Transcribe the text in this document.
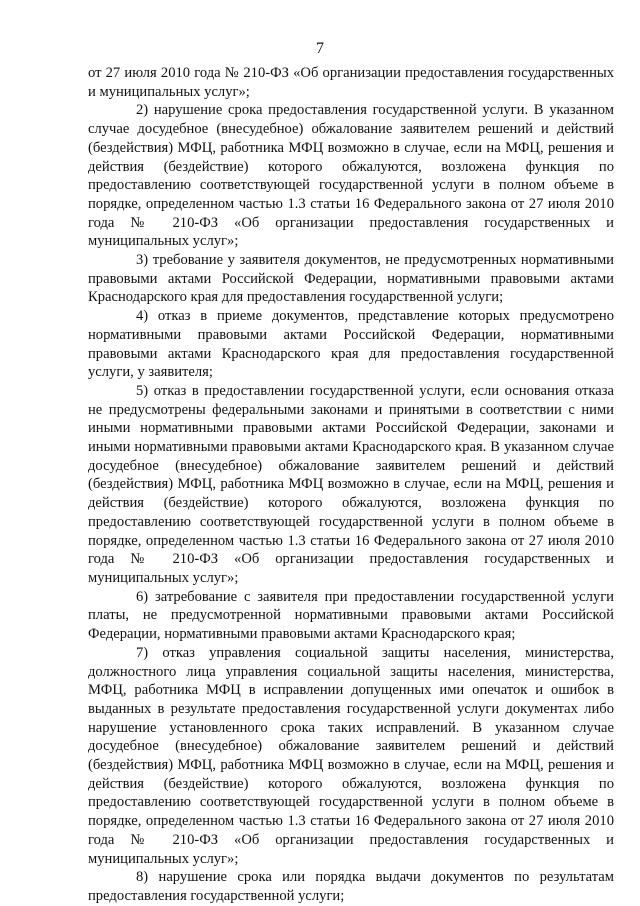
7

от 27 июля 2010 года № 210-ФЗ «Об организации предоставления государственных и муниципальных услуг»;

2) нарушение срока предоставления государственной услуги. В указанном случае досудебное (внесудебное) обжалование заявителем решений и действий (бездействия) МФЦ, работника МФЦ возможно в случае, если на МФЦ, решения и действия (бездействие) которого обжалуются, возложена функция по предоставлению соответствующей государственной услуги в полном объеме в порядке, определенном частью 1.3 статьи 16 Федерального закона от 27 июля 2010 года № 210-ФЗ «Об организации предоставления государственных и муниципальных услуг»;

3) требование у заявителя документов, не предусмотренных нормативными правовыми актами Российской Федерации, нормативными правовыми актами Краснодарского края для предоставления государственной услуги;

4) отказ в приеме документов, представление которых предусмотрено нормативными правовыми актами Российской Федерации, нормативными правовыми актами Краснодарского края для предоставления государственной услуги, у заявителя;

5) отказ в предоставлении государственной услуги, если основания отказа не предусмотрены федеральными законами и принятыми в соответствии с ними иными нормативными правовыми актами Российской Федерации, законами и иными нормативными правовыми актами Краснодарского края. В указанном случае досудебное (внесудебное) обжалование заявителем решений и действий (бездействия) МФЦ, работника МФЦ возможно в случае, если на МФЦ, решения и действия (бездействие) которого обжалуются, возложена функция по предоставлению соответствующей государственной услуги в полном объеме в порядке, определенном частью 1.3 статьи 16 Федерального закона от 27 июля 2010 года № 210-ФЗ «Об организации предоставления государственных и муниципальных услуг»;

6) затребование с заявителя при предоставлении государственной услуги платы, не предусмотренной нормативными правовыми актами Российской Федерации, нормативными правовыми актами Краснодарского края;

7) отказ управления социальной защиты населения, министерства, должностного лица управления социальной защиты населения, министерства, МФЦ, работника МФЦ в исправлении допущенных ими опечаток и ошибок в выданных в результате предоставления государственной услуги документах либо нарушение установленного срока таких исправлений. В указанном случае досудебное (внесудебное) обжалование заявителем решений и действий (бездействия) МФЦ, работника МФЦ возможно в случае, если на МФЦ, решения и действия (бездействие) которого обжалуются, возложена функция по предоставлению соответствующей государственной услуги в полном объеме в порядке, определенном частью 1.3 статьи 16 Федерального закона от 27 июля 2010 года № 210-ФЗ «Об организации предоставления государственных и муниципальных услуг»;

8) нарушение срока или порядка выдачи документов по результатам предоставления государственной услуги;
